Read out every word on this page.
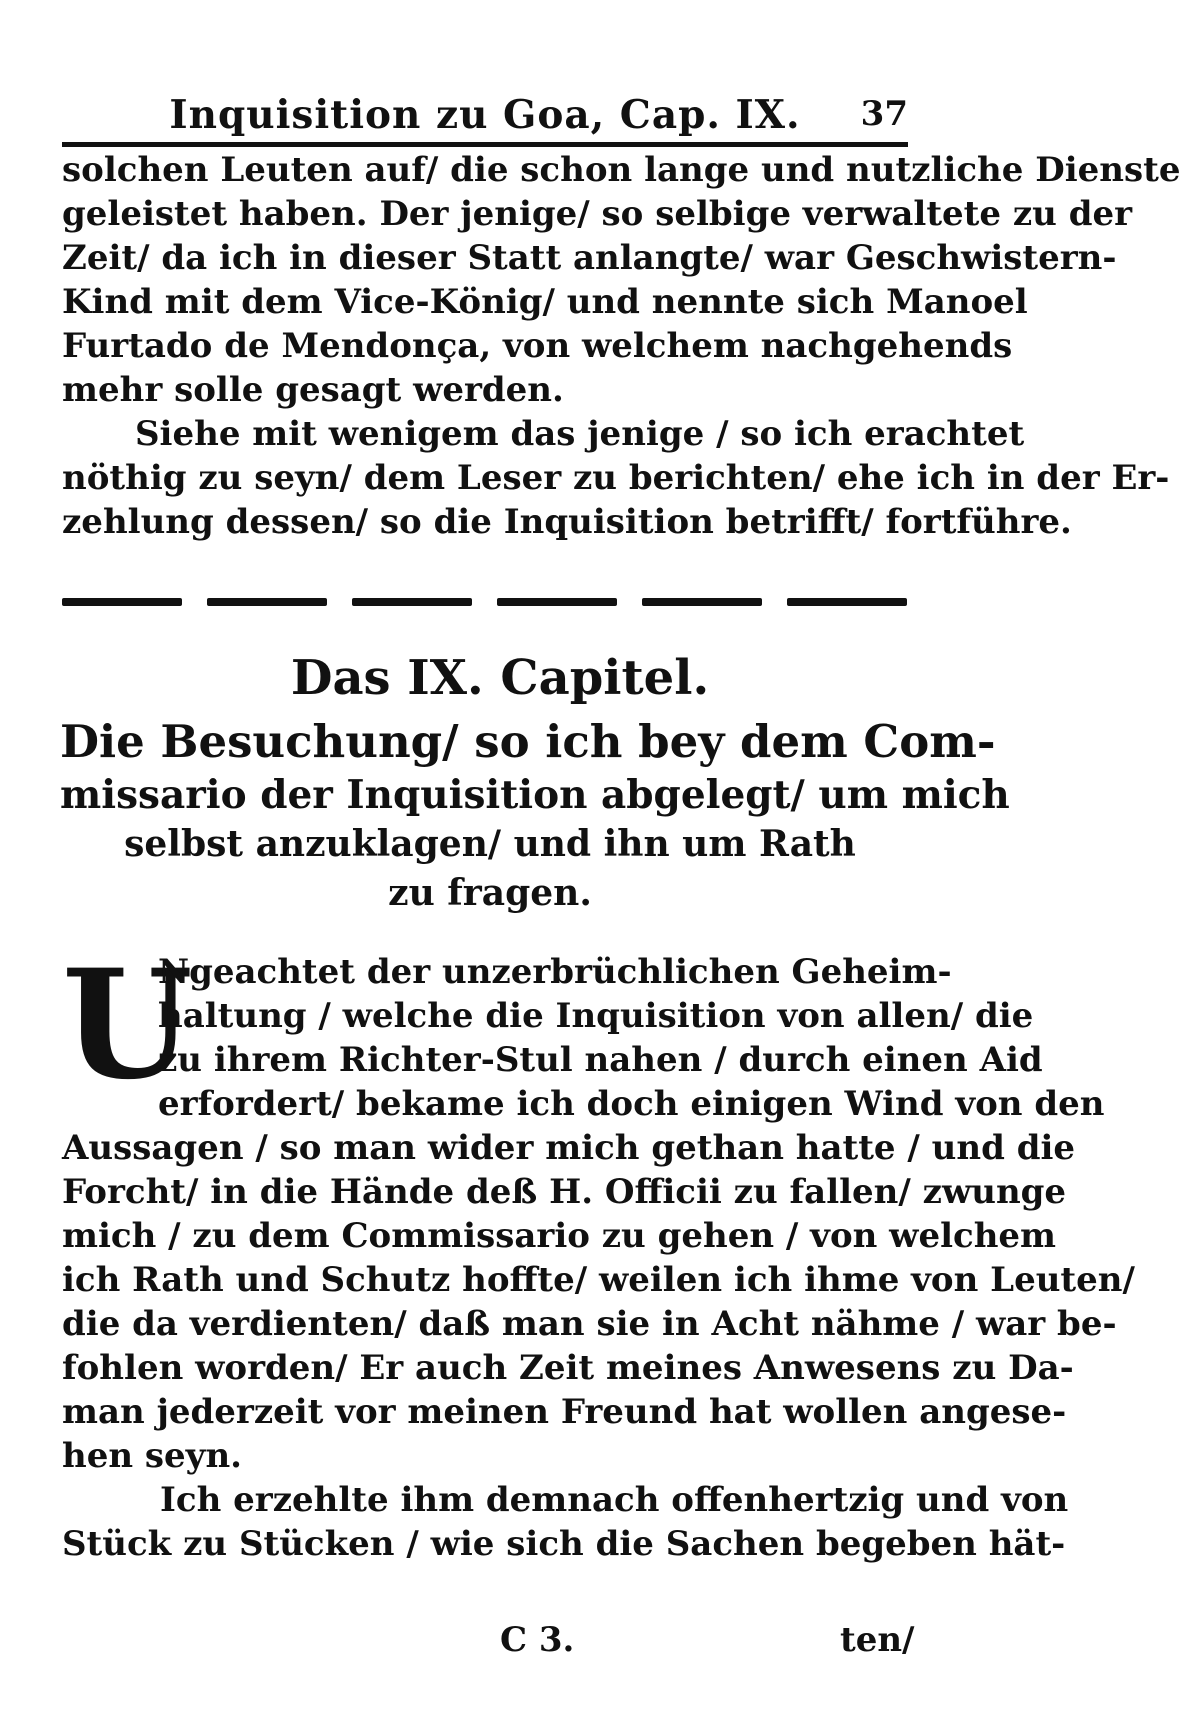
Inquisition zu Goa, Cap. IX.	37
solchen Leuten auf/ die schon lange und nutzliche Dienste
geleistet haben. Der jenige/ so selbige verwaltete zu der
Zeit/ da ich in dieser Statt anlangte/ war Geschwistern-
Kind mit dem Vice-König/ und nennte sich Manoel
Furtado de Mendonça, von welchem nachgehends
mehr solle gesagt werden.
Siehe mit wenigem das jenige / so ich erachtet
nöthig zu seyn/ dem Leser zu berichten/ ehe ich in der Er-
zehlung dessen/ so die Inquisition betrifft/ fortführe.
Das IX. Capitel.
Die Besuchung/ so ich bey dem Com-
missario der Inquisition abgelegt/ um mich
selbst anzuklagen/ und ihn um Rath
zu fragen.
U
Ngeachtet der unzerbrüchlichen Geheim-
haltung / welche die Inquisition von allen/ die
zu ihrem Richter-Stul nahen / durch einen Aid
erfordert/ bekame ich doch einigen Wind von den
Aussagen / so man wider mich gethan hatte / und die
Forcht/ in die Hände deß H. Officii zu fallen/ zwunge
mich / zu dem Commissario zu gehen / von welchem
ich Rath und Schutz hoffte/ weilen ich ihme von Leuten/
die da verdienten/ daß man sie in Acht nähme / war be-
fohlen worden/ Er auch Zeit meines Anwesens zu Da-
man jederzeit vor meinen Freund hat wollen angese-
hen seyn.
Ich erzehlte ihm demnach offenhertzig und von
Stück zu Stücken / wie sich die Sachen begeben hät-
C 3.	ten/
